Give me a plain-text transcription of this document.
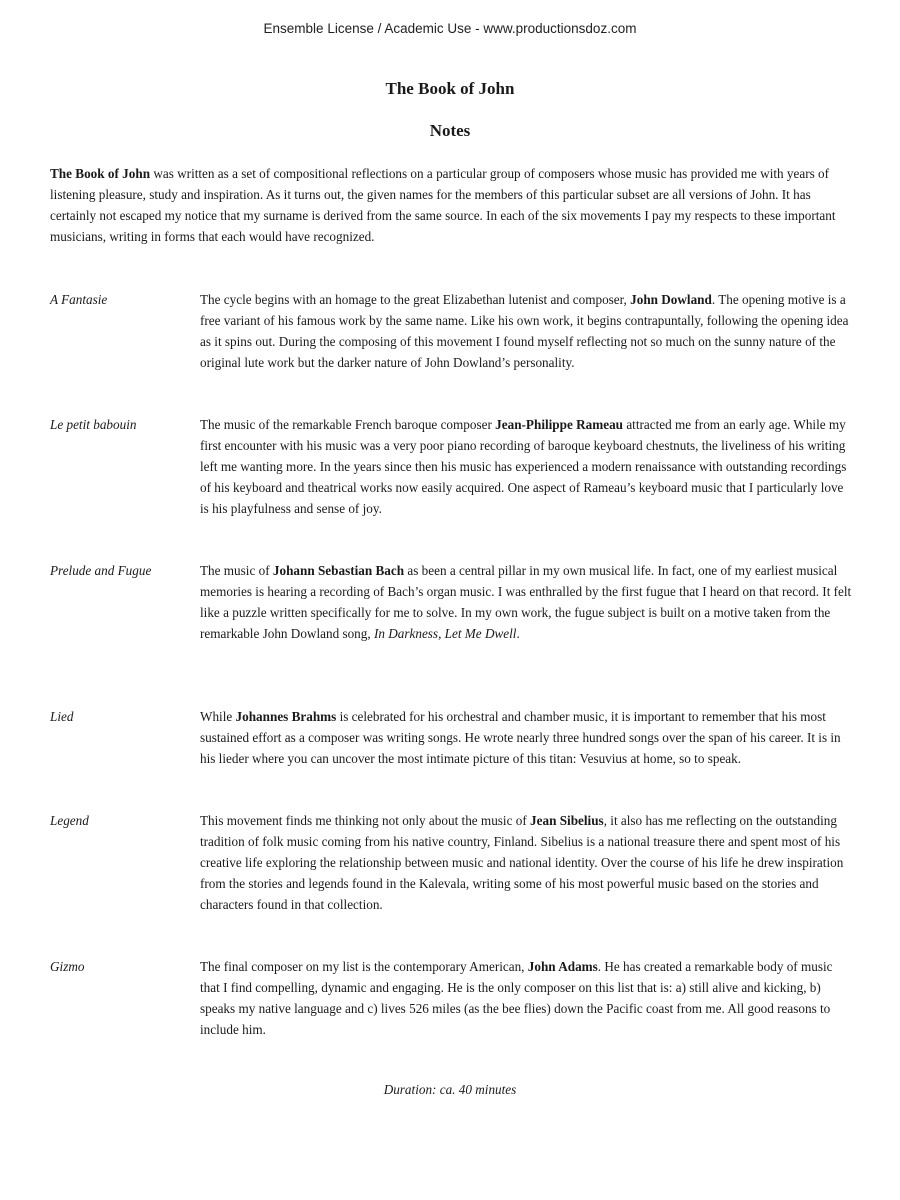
Ensemble License / Academic Use - www.productionsdoz.com
The Book of John
Notes

The Book of John was written as a set of compositional reflections on a particular group of composers whose music has provided me with years of listening pleasure, study and inspiration. As it turns out, the given names for the members of this particular subset are all versions of John. It has certainly not escaped my notice that my surname is derived from the same source. In each of the six movements I pay my respects to these important musicians, writing in forms that each would have recognized.

A Fantasie	The cycle begins with an homage to the great Elizabethan lutenist and composer, John Dowland. The opening motive is a free variant of his famous work by the same name. Like his own work, it begins contrapuntally, following the opening idea as it spins out. During the composing of this movement I found myself reflecting not so much on the sunny nature of the original lute work but the darker nature of John Dowland’s personality.

Le petit babouin	The music of the remarkable French baroque composer Jean-Philippe Rameau attracted me from an early age. While my first encounter with his music was a very poor piano recording of baroque keyboard chestnuts, the liveliness of his writing left me wanting more. In the years since then his music has experienced a modern renaissance with outstanding recordings of his keyboard and theatrical works now easily acquired. One aspect of Rameau’s keyboard music that I particularly love is his playfulness and sense of joy.

Prelude and Fugue	The music of Johann Sebastian Bach as been a central pillar in my own musical life. In fact, one of my earliest musical memories is hearing a recording of Bach’s organ music. I was enthralled by the first fugue that I heard on that record. It felt like a puzzle written specifically for me to solve. In my own work, the fugue subject is built on a motive taken from the remarkable John Dowland song, In Darkness, Let Me Dwell.

Lied	While Johannes Brahms is celebrated for his orchestral and chamber music, it is important to remember that his most sustained effort as a composer was writing songs. He wrote nearly three hundred songs over the span of his career. It is in his lieder where you can uncover the most intimate picture of this titan: Vesuvius at home, so to speak.

Legend	This movement finds me thinking not only about the music of Jean Sibelius, it also has me reflecting on the outstanding tradition of folk music coming from his native country, Finland. Sibelius is a national treasure there and spent most of his creative life exploring the relationship between music and national identity. Over the course of his life he drew inspiration from the stories and legends found in the Kalevala, writing some of his most powerful music based on the stories and characters found in that collection.

Gizmo	The final composer on my list is the contemporary American, John Adams. He has created a remarkable body of music that I find compelling, dynamic and engaging. He is the only composer on this list that is: a) still alive and kicking, b) speaks my native language and c) lives 526 miles (as the bee flies) down the Pacific coast from me. All good reasons to include him.

Duration: ca. 40 minutes
